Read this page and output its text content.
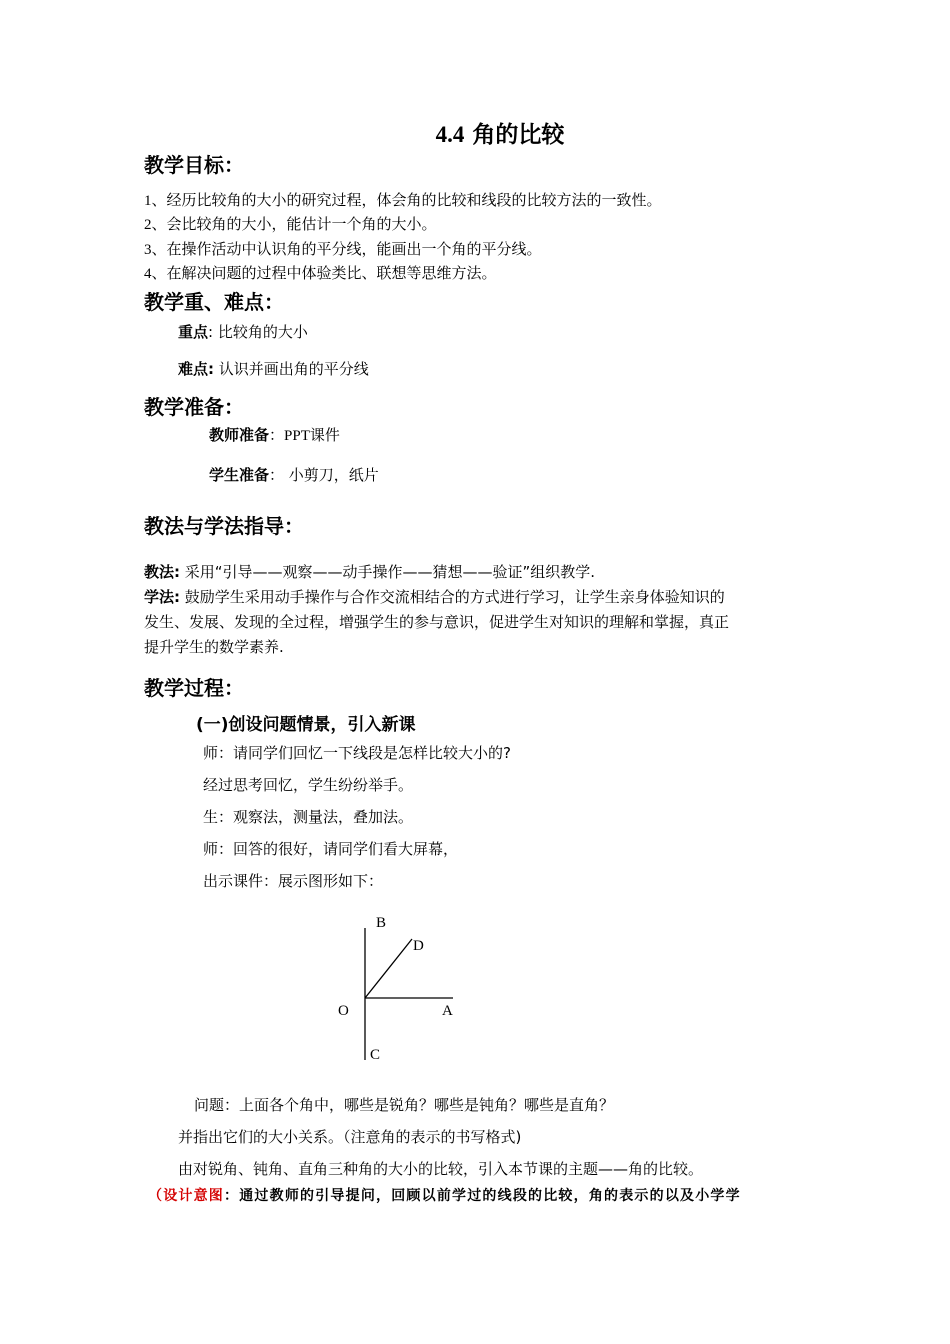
4.4 角的比较
教学目标：
1、经历比较角的大小的研究过程，体会角的比较和线段的比较方法的一致性。
2、会比较角的大小，能估计一个角的大小。
3、在操作活动中认识角的平分线，能画出一个角的平分线。
4、在解决问题的过程中体验类比、联想等思维方法。
教学重、难点：
重点: 比较角的大小
难点: 认识并画出角的平分线
教学准备：
教师准备：PPT课件
学生准备： 小剪刀，纸片
教法与学法指导：
教法: 采用“引导——观察——动手操作——猜想——验证”组织教学.
学法: 鼓励学生采用动手操作与合作交流相结合的方式进行学习，让学生亲身体验知识的
发生、发展、发现的全过程，增强学生的参与意识，促进学生对知识的理解和掌握，真正
提升学生的数学素养.
教学过程：
(一)创设问题情景，引入新课
师：请同学们回忆一下线段是怎样比较大小的?
经过思考回忆，学生纷纷举手。
生：观察法，测量法，叠加法。
师：回答的很好，请同学们看大屏幕，
出示课件：展示图形如下：
B
D
O	A
C
问题：上面各个角中，哪些是锐角？哪些是钝角？哪些是直角？
并指出它们的大小关系。（注意角的表示的书写格式)
由对锐角、钝角、直角三种角的大小的比较，引入本节课的主题——角的比较。
（设计意图：通过教师的引导提问，回顾以前学过的线段的比较，角的表示的以及小学学
